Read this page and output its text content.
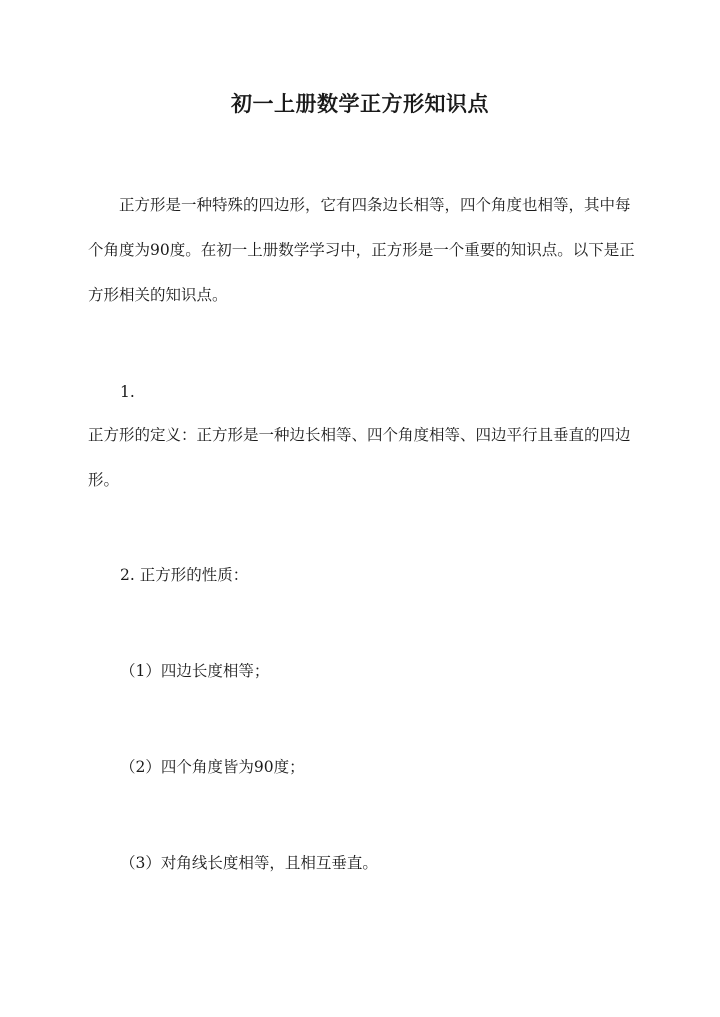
初一上册数学正方形知识点
正方形是一种特殊的四边形，它有四条边长相等，四个角度也相等，其中每个角度为90度。在初一上册数学学习中，正方形是一个重要的知识点。以下是正方形相关的知识点。
1.
正方形的定义：正方形是一种边长相等、四个角度相等、四边平行且垂直的四边形。
2. 正方形的性质：
（1）四边长度相等；
（2）四个角度皆为90度；
（3）对角线长度相等，且相互垂直。
